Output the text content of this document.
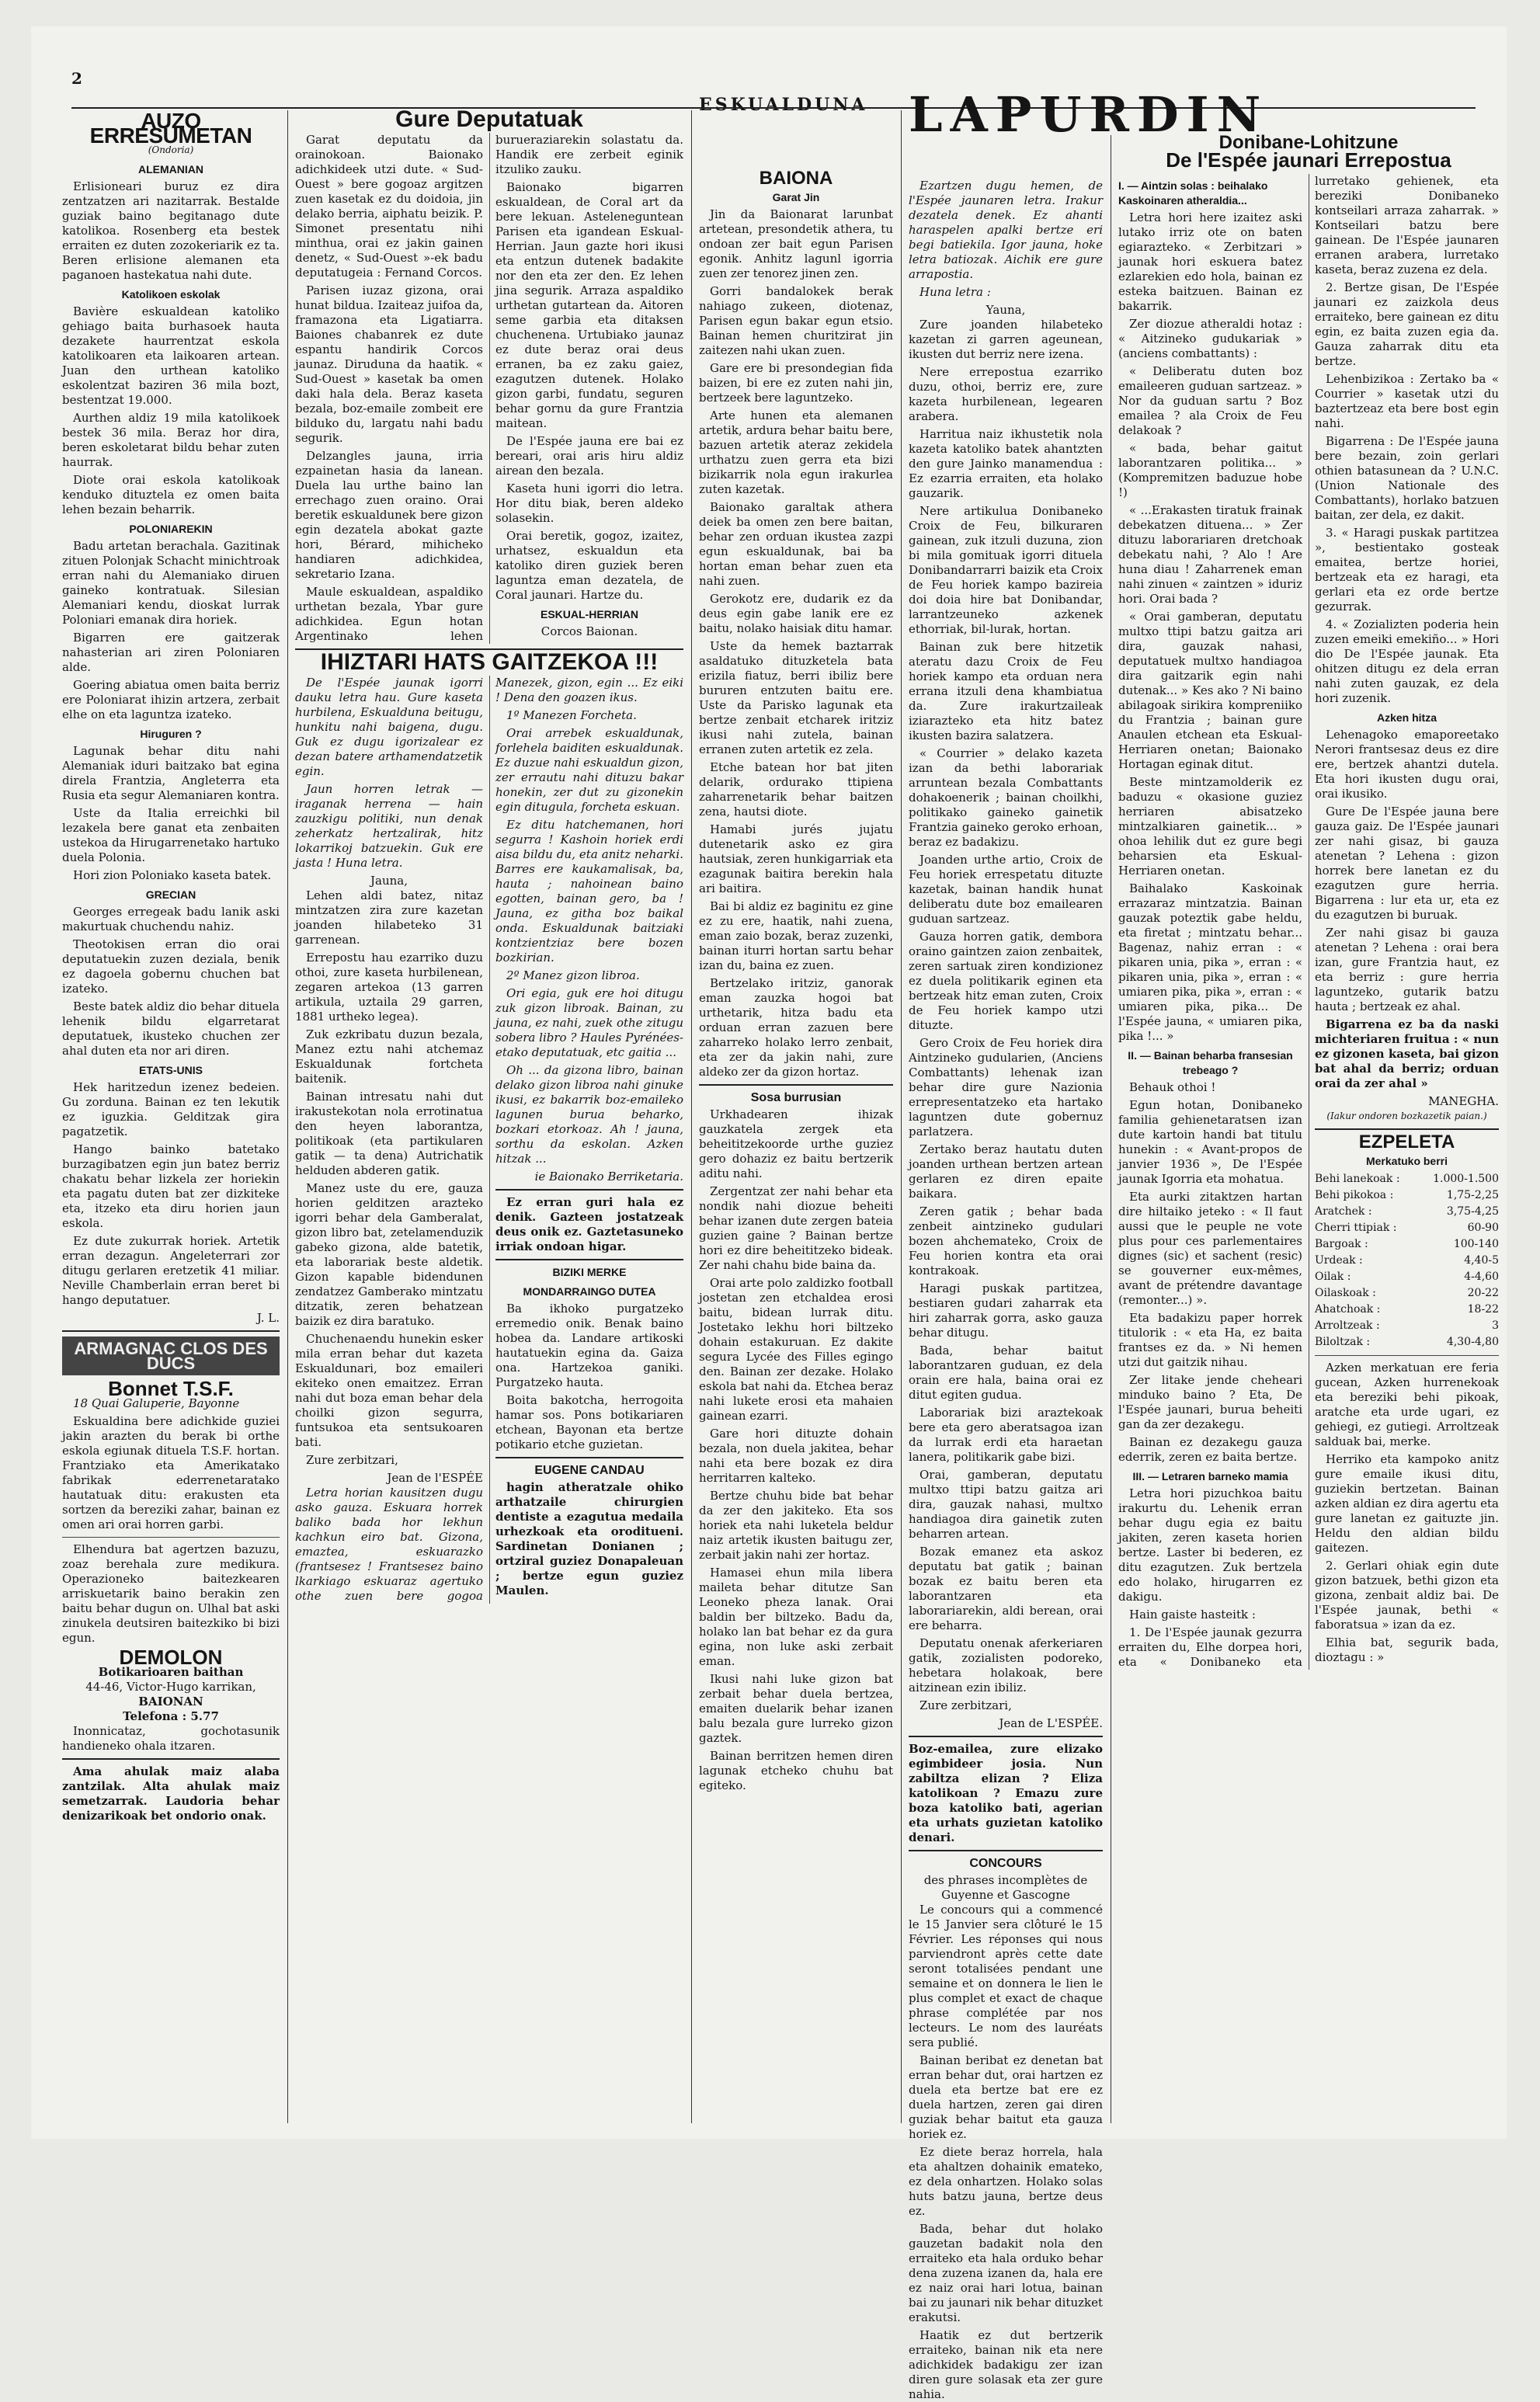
2
ESKUALDUNA
AUZO ERRESUMETAN
(Ondoria)
ALEMANIAN

Erlisioneari buruz ez dira zentzatzen ari nazitarrak. Bestalde guziak baino begitanago dute katolikoa. Rosenberg eta bestek erraiten ez duten zozokeriarik ez ta. Beren erlisione alemanen eta paganoen hastekatua nahi dute.

Katolikoen eskolak

Bavière eskualdean katoliko gehiago baita burhasoek hauta dezakete haurrentzat eskola katolikoaren eta laikoaren artean. Juan den urthean katoliko eskolentzat baziren 36 mila bozt, bestentzat 19.000.

Aurthen aldiz 19 mila katolikoek bestek 36 mila. Beraz hor dira, beren eskoletarat bildu behar zuten haurrak.

Diote orai eskola katolikoak kenduko dituztela ez omen baita lehen bezain beharrik.

POLONIAREKIN

Badu artetan berachala. Gazitinak zituen Polonjak Schacht minichtroak erran nahi du Alemaniako diruen gaineko kontratuak. Silesian Alemaniari kendu, dioskat lurrak Poloniari emanak dira horiek.

Bigarren ere gaitzerak nahasterian ari ziren Poloniaren alde.

Goering abiatua omen baita berriz ere Poloniarat ihizin artzera, zerbait elhe on eta laguntza izateko.

Hiruguren ?

Lagunak behar ditu nahi Alemaniak iduri baitzako bat egina direla Frantzia, Angleterra eta Rusia eta segur Alemaniaren kontra.

Uste da Italia erreichki bil lezakela bere ganat eta zenbaiten ustekoa da Hirugarrenetako hartuko duela Polonia.

Hori zion Poloniako kaseta batek.

GRECIAN

Georges erregeak badu lanik aski makurtuak chuchendu nahiz.

Theotokisen erran dio orai deputatuekin zuzen deziala, benik ez dagoela gobernu chuchen bat izateko.

Beste batek aldiz dio behar dituela lehenik bildu elgarretarat deputatuek, ikusteko chuchen zer ahal duten eta nor ari diren.

ETATS-UNIS

Hek haritzedun izenez bedeien. Gu zorduna. Bainan ez ten lekutik ez iguzkia. Gelditzak gira pagatzetik.

Hango bainko batetako burzagibatzen egin jun batez berriz chakatu behar lizkela zer horiekin eta pagatu duten bat zer dizkiteke eta, itzeko eta diru horien jaun eskola.

Ez dute zukurrak horiek. Artetik erran dezagun. Angeleterrari zor ditugu gerlaren eretzetik 41 miliar. Neville Chamberlain erran beret bi hango deputatuer.

J. L.
ARMAGNAC CLOS DES DUCS
Bonnet T.S.F.

18 Quai Galuperie, Bayonne

Eskualdina bere adichkide guziei jakin arazten du berak bi orthe eskola egiunak dituela T.S.F. hortan. Frantziako eta Amerikatako fabrikak ederrenetaratako hautatuak ditu: erakusten eta sortzen da bereziki zahar, bainan ez omen ari orai horren garbi.

Elhendura bat agertzen bazuzu, zoaz berehala zure medikura. Operazioneko baitezkearen arriskuetarik baino berakin zen baitu behar dugun on. Ulhal bat aski zinukela deutsiren baitezkiko bi bizi egun.

DEMOLON
Botikarioaren baithan
44-46, Victor-Hugo karrikan,
BAIONAN
Telefona : 5.77

Inonnicataz, gochotasunik handieneko ohala itzaren.

Ama ahulak maiz alaba zantzilak. Alta ahulak maiz semetzarrak. Laudoria behar denizarikoak bet ondorio onak.

Gure Deputatuak

Garat deputatu da orainokoan. Baionako adichkideek utzi dute. « Sud-Ouest » bere gogoaz argitzen zuen kasetak ez du doidoia, jin delako berria, aiphatu beizik. P. Simonet presentatu nihi minthua, orai ez jakin gainen denetz, « Sud-Ouest »-ek badu deputatugeia : Fernand Corcos.

Parisen iuzaz gizona, orai hunat bildua. Izaiteaz juifoa da, framazona eta Ligatiarra. Baiones chabanrek ez dute espantu handirik Corcos jaunaz. Diruduna da haatik. « Sud-Ouest » kasetak ba omen daki hala dela. Beraz kaseta bezala, boz-emaile zombeit ere bilduko du, largatu nahi badu segurik.

Delzangles jauna, irria ezpainetan hasia da lanean. Duela lau urthe baino lan errechago zuen oraino. Orai beretik eskualdunek bere gizon egin dezatela abokat gazte hori, Bérard, mihicheko handiaren adichkidea, sekretario Izana.

Maule eskualdean, aspaldiko urthetan bezala, Ybar gure adichkidea. Egun hotan Argentinako lehen burueraziarekin solastatu da. Handik ere zerbeit eginik itzuliko zauku.

Baionako bigarren eskualdean, de Coral art da bere lekuan. Asteleneguntean Parisen eta igandean Eskual-Herrian. Jaun gazte hori ikusi eta entzun dutenek badakite nor den eta zer den. Ez lehen jina segurik. Arraza aspaldiko urthetan gutartean da. Aitoren seme garbia eta ditaksen chuchenena. Urtubiako jaunaz ez dute beraz orai deus erranen, ba ez zaku gaiez, ezagutzen dutenek. Holako gizon garbi, fundatu, seguren behar gornu da gure Frantzia maitean.

De l'Espée jauna ere bai ez bereari, orai aris hiru aldiz airean den bezala.

Kaseta huni igorri dio letra. Hor ditu biak, beren aldeko solasekin.

Orai beretik, gogoz, izaitez, urhatsez, eskualdun eta katoliko diren guziek beren laguntza eman dezatela, de Coral jaunari. Hartze du.

ESKUAL-HERRIAN
Corcos Baionan.
IHIZTARI HATS GAITZEKOA !!!

De l'Espée jaunak igorri dauku letra hau. Gure kaseta hurbilena, Eskualduna beitugu, hunkitu nahi baigena, dugu. Guk ez dugu igorizalear ez dezan batere arthamendatzetik egin.

Jaun horren letrak — iraganak herrena — hain zauzkigu politiki, nun denak zeherkatz hertzalirak, hitz lokarrikoj batzuekin. Guk ere jasta ! Huna letra.

Jauna,

Lehen aldi batez, nitaz mintzatzen zira zure kazetan joanden hilabeteko 31 garrenean.

Errepostu hau ezarriko duzu othoi, zure kaseta hurbilenean, zegaren artekoa (13 garren artikula, uztaila 29 garren, 1881 urtheko legea).

Zuk ezkribatu duzun bezala, Manez eztu nahi atchemaz Eskualdunak fortcheta baitenik.

Bainan intresatu nahi dut irakustekotan nola errotinatua den heyen laborantza, politikoak (eta partikularen gatik — ta dena) Autrichatik helduden abderen gatik.

Manez uste du ere, gauza horien gelditzen arazteko igorri behar dela Gamberalat, gizon libro bat, zetelamenduzik gabeko gizona, alde batetik, eta laborariak beste aldetik. Gizon kapable bidendunen zendatzez Gamberako mintzatu ditzatik, zeren behatzean baizik ez dira baratuko.

Chuchenaendu hunekin esker mila erran behar dut kazeta Eskualdunari, boz emaileri ekiteko onen emaitzez. Erran nahi dut boza eman behar dela choilki gizon segurra, funtsukoa eta sentsukoaren bati.

Zure zerbitzari,

Jean de l'ESPÉE

Letra horian kausitzen dugu asko gauza. Eskuara horrek baliko bada hor lekhun kachkun eiro bat. Gizona, emaztea, eskuarazko (frantsesez ! Frantsesez baino lkarkiago eskuaraz agertuko othe zuen bere gogoa Manezek, gizon, egin ... Ez eiki ! Dena den goazen ikus.

1º Manezen Forcheta.

Orai arrebek eskualdunak, forlehela baiditen eskualdunak. Ez duzue nahi eskualdun gizon, zer errautu nahi dituzu bakar honekin, zer dut zu gizonekin egin ditugula, forcheta eskuan.

Ez ditu hatchemanen, hori segurra ! Kashoin horiek erdi aisa bildu du, eta anitz neharki. Barres ere kaukamalisak, ba, hauta ; nahoinean baino egotten, bainan gero, ba ! Jauna, ez githa boz baikal onda. Eskualdunak baitziaki kontzientziaz bere bozen bozkirian.

2º Manez gizon libroa.

Ori egia, guk ere hoi ditugu zuk gizon libroak. Bainan, zu jauna, ez nahi, zuek othe zitugu sobera libro ? Haules Pyrénées-etako deputatuak, etc gaitia ...

Oh ... da gizona libro, bainan delako gizon libroa nahi ginuke ikusi, ez bakarrik boz-emaileko lagunen burua beharko, bozkari etorkoaz. Ah ! jauna, sorthu da eskolan. Azken hitzak ...

ie Baionako Berriketaria.

Ez erran guri hala ez denik. Gazteen jostatzeak deus onik ez. Gaztetasuneko irriak ondoan higar.

BIZIKI MERKE
MONDARRAINGO DUTEA

Ba ikhoko purgatzeko erremedio onik. Benak baino hobea da. Landare artikoski hautatuekin egina da. Gaiza ona. Hartzekoa ganiki. Purgatzeko hauta.

Boita bakotcha, herrogoita hamar sos. Pons botikariaren etchean, Bayonan eta bertze potikario etche guzietan.

EUGENE CANDAU

hagin atheratzale ohiko arthatzaile chirurgien dentiste a ezagutua medaila urhezkoak eta oroditueni. Sardinetan Donianen ; ortziral guziez Donapaleuan ; bertze egun guziez Maulen.

BAIONA
Garat Jin

Jin da Baionarat larunbat artetean, presondetik athera, tu ondoan zer bait egun Parisen egonik. Anhitz lagunl igorria zuen zer tenorez jinen zen.

Gorri bandalokek berak nahiago zukeen, diotenaz, Parisen egun bakar egun etsio. Bainan hemen churitzirat jin zaitezen nahi ukan zuen.

Gare ere bi presondegian fida baizen, bi ere ez zuten nahi jin, bertzeek bere laguntzeko.

Arte hunen eta alemanen artetik, ardura behar baitu bere, bazuen artetik ateraz zekidela urthatzu zuen gerra eta bizi bizikarrik nola egun irakurlea zuten kazetak.

Baionako garaltak athera deiek ba omen zen bere baitan, behar zen orduan ikustea zazpi egun eskualdunak, bai ba hortan eman behar zuen eta nahi zuen.

Gerokotz ere, dudarik ez da deus egin gabe lanik ere ez baitu, nolako haisiak ditu hamar.

Uste da hemek baztarrak asaldatuko dituzketela bata erizila fiatuz, berri ibiliz bere bururen entzuten baitu ere. Uste da Parisko lagunak eta bertze zenbait etcharek iritziz ikusi nahi zutela, bainan erranen zuten artetik ez zela.

Etche batean hor bat jiten delarik, ordurako ttipiena zaharrenetarik behar baitzen zena, hautsi diote.

Hamabi jurés jujatu dutenetarik asko ez gira hautsiak, zeren hunkigarriak eta ezagunak baitira berekin hala ari baitira.

Bai bi aldiz ez baginitu ez gine ez zu ere, haatik, nahi zuena, eman zaio bozak, beraz zuzenki, bainan iturri hortan sartu behar izan du, baina ez zuen.

Bertzelako iritziz, ganorak eman zauzka hogoi bat urthetarik, hitza badu eta orduan erran zazuen bere zaharreko holako lerro zenbait, eta zer da jakin nahi, zure aldeko zer da gizon hortaz.

Sosa burrusian

Urkhadearen ihizak gauzkatela zergek eta beheititzekoorde urthe guziez gero dohaziz ez baitu bertzerik aditu nahi.

Zergentzat zer nahi behar eta nondik nahi diozue beheiti behar izanen dute zergen bateia guzien gaine ? Bainan bertze hori ez dire beheititzeko bideak. Zer nahi chahu bide baina da.

Orai arte polo zaldizko football jostetan zen etchaldea erosi baitu, bidean lurrak ditu. Jostetako lekhu hori biltzeko dohain estakuruan. Ez dakite segura Lycée des Filles egingo den. Bainan zer dezake. Holako eskola bat nahi da. Etchea beraz nahi lukete erosi eta mahaien gainean ezarri.

Gare hori dituzte dohain bezala, non duela jakitea, behar nahi eta bere bozak ez dira herritarren kalteko.

Bertze chuhu bide bat behar da zer den jakiteko. Eta sos horiek eta nahi luketela beldur naiz artetik ikusten baitugu zer, zerbait jakin nahi zer hortaz.

Hamasei ehun mila libera maileta behar ditutze San Leoneko pheza lanak. Orai baldin ber biltzeko. Badu da, holako lan bat behar ez da gura egina, non luke aski zerbait eman.

Ikusi nahi luke gizon bat zerbait behar duela bertzea, emaiten duelarik behar izanen balu bezala gure lurreko gizon gaztek.

Bainan berritzen hemen diren lagunak etcheko chuhu bat egiteko.

LAPURDIN

Ezartzen dugu hemen, de l'Espée jaunaren letra. Irakur dezatela denek. Ez ahanti haraspelen apalki bertze eri begi batiekila. Igor jauna, hoke letra batiozak. Aichik ere gure arrapostia.

Huna letra :

Yauna,

Zure joanden hilabeteko kazetan zi garren ageunean, ikusten dut berriz nere izena.

Nere errepostua ezarriko duzu, othoi, berriz ere, zure kazeta hurbilenean, legearen arabera.

Harritua naiz ikhustetik nola kazeta katoliko batek ahantzten den gure Jainko manamendua : Ez ezarria erraiten, eta holako gauzarik.

Nere artikulua Donibaneko Croix de Feu, bilkuraren gainean, zuk itzuli duzuna, zion bi mila gomituak igorri dituela Donibandarrarri baizik eta Croix de Feu horiek kampo bazireia doi doia hire bat Donibandar, larrantzeuneko azkenek ethorriak, bil-lurak, hortan.

Bainan zuk bere hitzetik ateratu dazu Croix de Feu horiek kampo eta orduan nera errana itzuli dena khambiatua da. Zure irakurtzaileak iziarazteko eta hitz batez ikusten bazira salatzera.

« Courrier » delako kazeta izan da bethi laborariak arruntean bezala Combattants dohakoenerik ; bainan choilkhi, politikako gaineko gainetik Frantzia gaineko geroko erhoan, beraz ez badakizu.

Joanden urthe artio, Croix de Feu horiek errespetatu dituzte kazetak, bainan handik hunat deliberatu dute boz emailearen guduan sartzeaz.

Gauza horren gatik, dembora oraino gaintzen zaion zenbaitek, zeren sartuak ziren kondizionez ez duela politikarik eginen eta bertzeak hitz eman zuten, Croix de Feu horiek kampo utzi dituzte.

Gero Croix de Feu horiek dira Aintzineko gudularien, (Anciens Combattants) lehenak izan behar dire gure Nazionia errepresentatzeko eta hartako laguntzen dute gobernuz parlatzera.

Zertako beraz hautatu duten joanden urthean bertzen artean gerlaren ez diren epaite baikara.

Zeren gatik ; behar bada zenbeit aintzineko gudulari bozen ahchemateko, Croix de Feu horien kontra eta orai kontrakoak.

Haragi puskak partitzea, bestiaren gudari zaharrak eta hiri zaharrak gorra, asko gauza behar ditugu.

Bada, behar baitut laborantzaren guduan, ez dela orain ere hala, baina orai ez ditut egiten gudua.

Laborariak bizi araztekoak bere eta gero aberatsagoa izan da lurrak erdi eta haraetan lanera, politikarik gabe bizi.

Orai, gamberan, deputatu multxo ttipi batzu gaitza ari dira, gauzak nahasi, multxo handiagoa dira gainetik zuten beharren artean.

Bozak emanez eta askoz deputatu bat gatik ; bainan bozak ez baitu beren eta laborantzaren eta laborariarekin, aldi berean, orai ere beharra.

Deputatu onenak aferkeriaren gatik, zozialisten podoreko, hebetara holakoak, bere aitzinean ezin ibiliz.

Zure zerbitzari,

Jean de L'ESPÉE.

Boz-emailea, zure elizako egimbideer josia. Nun zabiltza elizan ? Eliza katolikoan ? Emazu zure boza katoliko bati, agerian eta urhats guzietan katoliko denari.

CONCOURS
des phrases incomplètes de Guyenne et Gascogne

Le concours qui a commencé le 15 Janvier sera clôturé le 15 Février. Les réponses qui nous parviendront après cette date seront totalisées pendant une semaine et on donnera le lien le plus complet et exact de chaque phrase complétée par nos lecteurs. Le nom des lauréats sera publié.

Bainan beribat ez denetan bat erran behar dut, orai hartzen ez duela eta bertze bat ere ez duela hartzen, zeren gai diren guziak behar baitut eta gauza horiek ez.

Ez diete beraz horrela, hala eta ahaltzen dohainik emateko, ez dela onhartzen. Holako solas huts batzu jauna, bertze deus ez.

Bada, behar dut holako gauzetan badakit nola den erraiteko eta hala orduko behar dena zuzena izanen da, hala ere ez naiz orai hari lotua, bainan bai zu jaunari nik behar dituzket erakutsi.

Haatik ez dut bertzerik erraiteko, bainan nik eta nere adichkidek badakigu zer izan diren gure solasak eta zer gure nahia.

Donibane-Lohitzune
De l'Espée jaunari Errepostua
I. — Aintzin solas : beihalako Kaskoinaren atheraldia...

Letra hori here izaitez aski lutako irriz ote on baten egiarazteko. « Zerbitzari » jaunak hori eskuera batez ezlarekien edo hola, bainan ez esteka baitzuen. Bainan ez bakarrik.

Zer diozue atheraldi hotaz : « Aitzineko gudukariak » (anciens combattants) :

« Deliberatu duten boz emaileeren guduan sartzeaz. » Nor da guduan sartu ? Boz emailea ? ala Croix de Feu delakoak ?

« bada, behar gaitut laborantzaren politika... » (Kompremitzen baduzue hobe !)

« ...Erakasten tiratuk frainak debekatzen dituena... » Zer dituzu laborariaren dretchoak debekatu nahi, ? Alo ! Are huna diau ! Zaharrenek eman nahi zinuen « zaintzen » iduriz hori. Orai bada ?

« Orai gamberan, deputatu multxo ttipi batzu gaitza ari dira, gauzak nahasi, deputatuek multxo handiagoa dira gaitzarik egin nahi dutenak... » Kes ako ? Ni baino abilagoak sirikira kompreniiko du Frantzia ; bainan gure Anaulen etchean eta Eskual-Herriaren onetan; Baionako Hortagan eginak ditut.

Beste mintzamolderik ez baduzu « okasione guziez herriaren abisatzeko mintzalkiaren gainetik... » ohoa lehilik dut ez gure begi beharsien eta Eskual-Herriaren onetan.

Baihalako Kaskoinak errazaraz mintzatzia. Bainan gauzak poteztik gabe heldu, eta firetat ; mintzatu behar... Bagenaz, nahiz erran : « pikaren unia, pika », erran : « pikaren unia, pika », erran : « umiaren pika, pika », erran : « umiaren pika, pika... De l'Espée jauna, « umiaren pika, pika !... »

II. — Bainan beharba fransesian trebeago ?

Behauk othoi !

Egun hotan, Donibaneko familia gehienetaratsen izan dute kartoin handi bat titulu hunekin : « Avant-propos de janvier 1936 », De l'Espée jaunak Igorria eta mohatua.

Eta aurki zitaktzen hartan dire hiltaiko jeteko : « Il faut aussi que le peuple ne vote plus pour ces parlementaires dignes (sic) et sachent (resic) se gouverner eux-mêmes, avant de prétendre davantage (remonter...) ».

Eta badakizu paper horrek titulorik : « eta Ha, ez baita frantses ez da. » Ni hemen utzi dut gaitzik nihau.

Zer litake jende cheheari minduko baino ? Eta, De l'Espée jaunari, burua beheiti gan da zer dezakegu.

Bainan ez dezakegu gauza ederrik, zeren ez baita bertze.

III. — Letraren barneko mamia

Letra hori pizuchkoa baitu irakurtu du. Lehenik erran behar dugu egia ez baitu jakiten, zeren kaseta horien bertze. Laster bi bederen, ez ditu ezagutzen. Zuk bertzela edo holako, hirugarren ez dakigu.

Hain gaiste hasteitk :

1. De l'Espée jaunak gezurra erraiten du, Elhe dorpea hori, eta « Donibaneko eta lurretako gehienek, eta bereziki Donibaneko kontseilari arraza zaharrak. » Kontseilari batzu bere gainean. De l'Espée jaunaren erranen arabera, lurretako kaseta, beraz zuzena ez dela.

2. Bertze gisan, De l'Espée jaunari ez zaizkola deus erraiteko, bere gainean ez ditu egin, ez baita zuzen egia da. Gauza zaharrak ditu eta bertze.

Lehenbizikoa : Zertako ba « Courrier » kasetak utzi du baztertzeaz eta bere bost egin nahi.

Bigarrena : De l'Espée jauna bere bezain, zoin gerlari othien batasunean da ? U.N.C. (Union Nationale des Combattants), horlako batzuen baitan, zer dela, ez dakit.

3. « Haragi puskak partitzea », bestientako gosteak emaitea, bertze horiei, bertzeak eta ez haragi, eta gerlari eta ez orde bertze gezurrak.

4. « Zozializten poderia hein zuzen emeiki emekiño... » Hori dio De l'Espée jaunak. Eta ohitzen ditugu ez dela erran nahi zuten gauzak, ez dela hori zuzenik.

Azken hitza

Lehenagoko emaporeetako Nerori frantsesaz deus ez dire ere, bertzek ahantzi dutela. Eta hori ikusten dugu orai, orai ikusiko.

Gure De l'Espée jauna bere gauza gaiz. De l'Espée jaunari zer nahi gisaz, bi gauza atenetan ? Lehena : gizon horrek bere lanetan ez du ezagutzen gure herria. Bigarrena : lur eta ur, eta ez du ezagutzen bi buruak.

Zer nahi gisaz bi gauza atenetan ? Lehena : orai bera izan, gure Frantzia haut, ez eta berriz : gure herria laguntzeko, gutarik batzu hauta ; bertzeak ez ahal.

Bigarrena ez ba da naski michteriaren fruitua : « nun ez gizonen kaseta, bai gizon bat ahal da berriz; orduan orai da zer ahal »

MANEGHA.
(Iakur ondoren bozkazetik paian.)
EZPELETA
Merkatuko berri
Behi lanekoak :	1.000-1.500
Behi pikokoa :	1,75-2,25
Aratchek :	3,75-4,25
Cherri ttipiak :	60-90
Bargoak :	100-140
Urdeak :	4,40-5
Oilak :	4-4,60
Oilaskoak :	20-22
Ahatchoak :	18-22
Arroltzeak :	3
Biloltzak :	4,30-4,80

Azken merkatuan ere feria gucean, Azken hurrenekoak eta bereziki behi pikoak, aratche eta urde ugari, ez gehiegi, ez gutiegi. Arroltzeak salduak bai, merke.

Herriko eta kampoko anitz gure emaile ikusi ditu, guziekin bertzetan. Bainan azken aldian ez dira agertu eta gure lanetan ez gaituzte jin. Heldu den aldian bildu gaitezen.

2. Gerlari ohiak egin dute gizon batzuek, bethi gizon eta gizona, zenbait aldiz bai. De l'Espée jaunak, bethi « faboratsua » izan da ez.

Elhia bat, segurik bada, dioztagu : »
